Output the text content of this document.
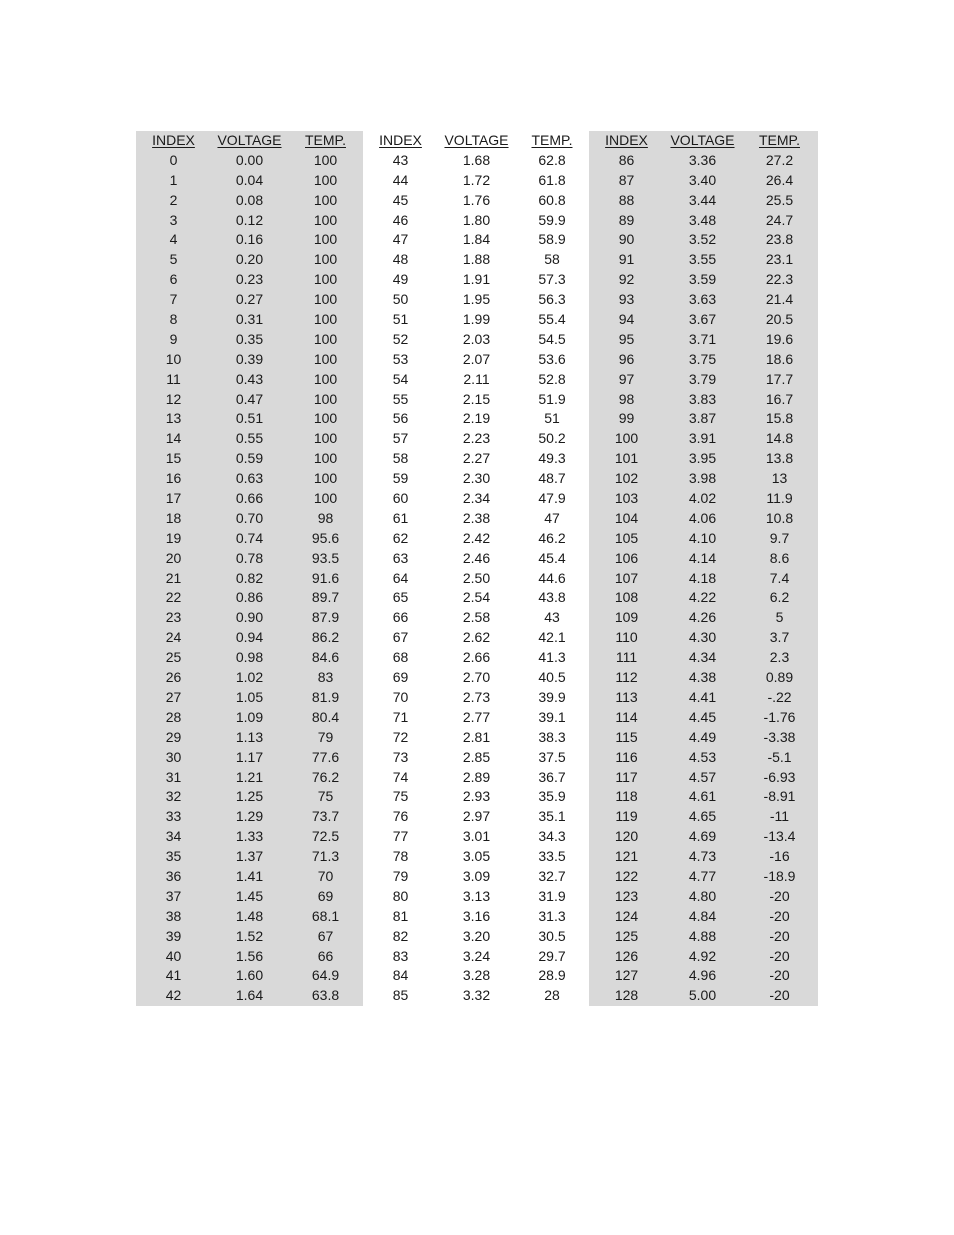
INDEX	VOLTAGE	TEMP.
0	0.00	100
1	0.04	100
2	0.08	100
3	0.12	100
4	0.16	100
5	0.20	100
6	0.23	100
7	0.27	100
8	0.31	100
9	0.35	100
10	0.39	100
11	0.43	100
12	0.47	100
13	0.51	100
14	0.55	100
15	0.59	100
16	0.63	100
17	0.66	100
18	0.70	98
19	0.74	95.6
20	0.78	93.5
21	0.82	91.6
22	0.86	89.7
23	0.90	87.9
24	0.94	86.2
25	0.98	84.6
26	1.02	83
27	1.05	81.9
28	1.09	80.4
29	1.13	79
30	1.17	77.6
31	1.21	76.2
32	1.25	75
33	1.29	73.7
34	1.33	72.5
35	1.37	71.3
36	1.41	70
37	1.45	69
38	1.48	68.1
39	1.52	67
40	1.56	66
41	1.60	64.9
42	1.64	63.8
INDEX	VOLTAGE	TEMP.
43	1.68	62.8
44	1.72	61.8
45	1.76	60.8
46	1.80	59.9
47	1.84	58.9
48	1.88	58
49	1.91	57.3
50	1.95	56.3
51	1.99	55.4
52	2.03	54.5
53	2.07	53.6
54	2.11	52.8
55	2.15	51.9
56	2.19	51
57	2.23	50.2
58	2.27	49.3
59	2.30	48.7
60	2.34	47.9
61	2.38	47
62	2.42	46.2
63	2.46	45.4
64	2.50	44.6
65	2.54	43.8
66	2.58	43
67	2.62	42.1
68	2.66	41.3
69	2.70	40.5
70	2.73	39.9
71	2.77	39.1
72	2.81	38.3
73	2.85	37.5
74	2.89	36.7
75	2.93	35.9
76	2.97	35.1
77	3.01	34.3
78	3.05	33.5
79	3.09	32.7
80	3.13	31.9
81	3.16	31.3
82	3.20	30.5
83	3.24	29.7
84	3.28	28.9
85	3.32	28
INDEX	VOLTAGE	TEMP.
86	3.36	27.2
87	3.40	26.4
88	3.44	25.5
89	3.48	24.7
90	3.52	23.8
91	3.55	23.1
92	3.59	22.3
93	3.63	21.4
94	3.67	20.5
95	3.71	19.6
96	3.75	18.6
97	3.79	17.7
98	3.83	16.7
99	3.87	15.8
100	3.91	14.8
101	3.95	13.8
102	3.98	13
103	4.02	11.9
104	4.06	10.8
105	4.10	9.7
106	4.14	8.6
107	4.18	7.4
108	4.22	6.2
109	4.26	5
110	4.30	3.7
111	4.34	2.3
112	4.38	0.89
113	4.41	-.22
114	4.45	-1.76
115	4.49	-3.38
116	4.53	-5.1
117	4.57	-6.93
118	4.61	-8.91
119	4.65	-11
120	4.69	-13.4
121	4.73	-16
122	4.77	-18.9
123	4.80	-20
124	4.84	-20
125	4.88	-20
126	4.92	-20
127	4.96	-20
128	5.00	-20
